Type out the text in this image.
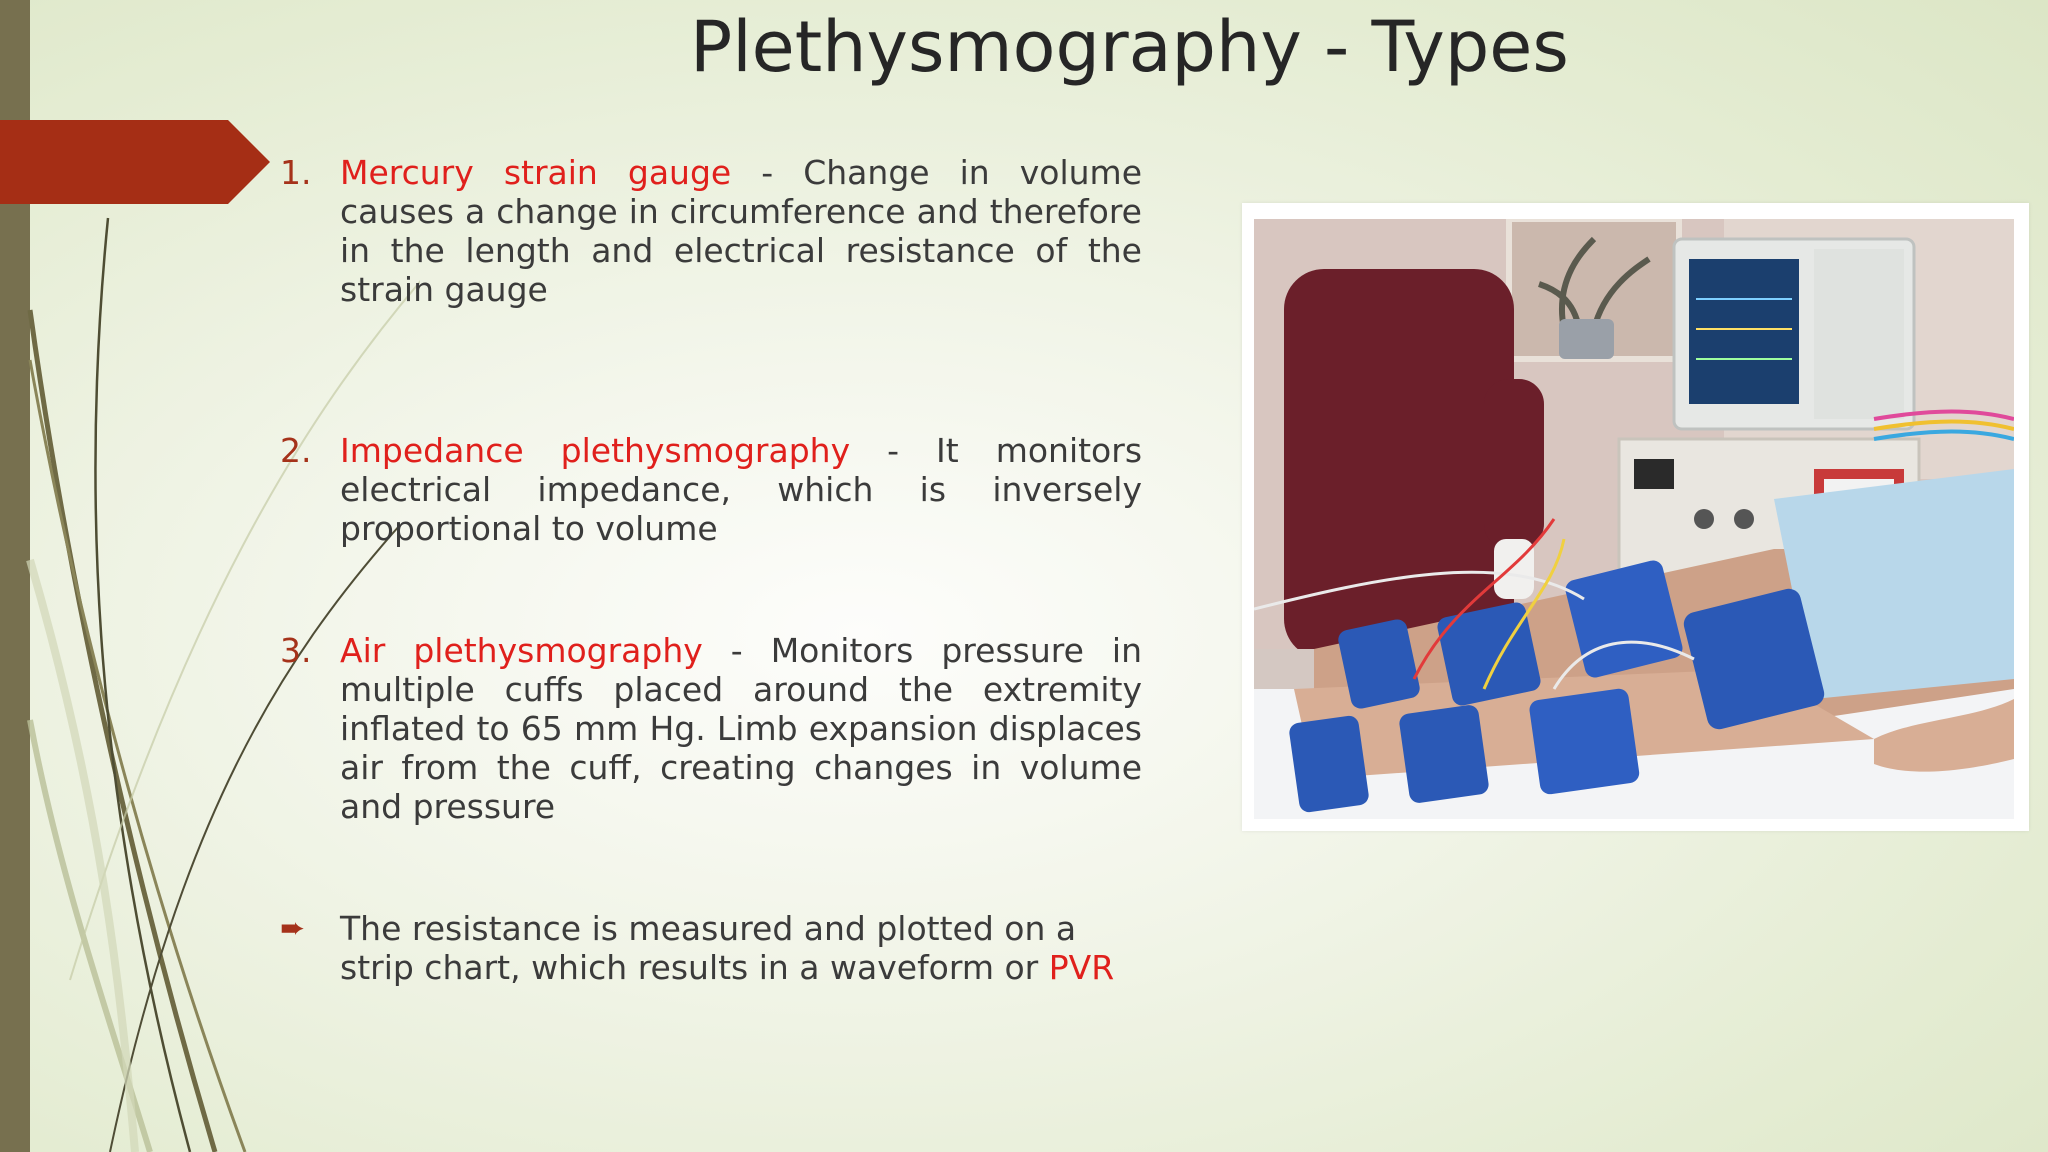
Plethysmography - Types
1. Mercury strain gauge - Change in volume causes a change in circumference and therefore in the length and electrical resistance of the strain gauge
2. Impedance plethysmography - It monitors electrical impedance, which is inversely proportional to volume
3. Air plethysmography - Monitors pressure in multiple cuffs placed around the extremity inflated to 65 mm Hg. Limb expansion displaces air from the cuff, creating changes in volume and pressure
➨	The resistance is measured and plotted on a strip chart, which results in a waveform or PVR
